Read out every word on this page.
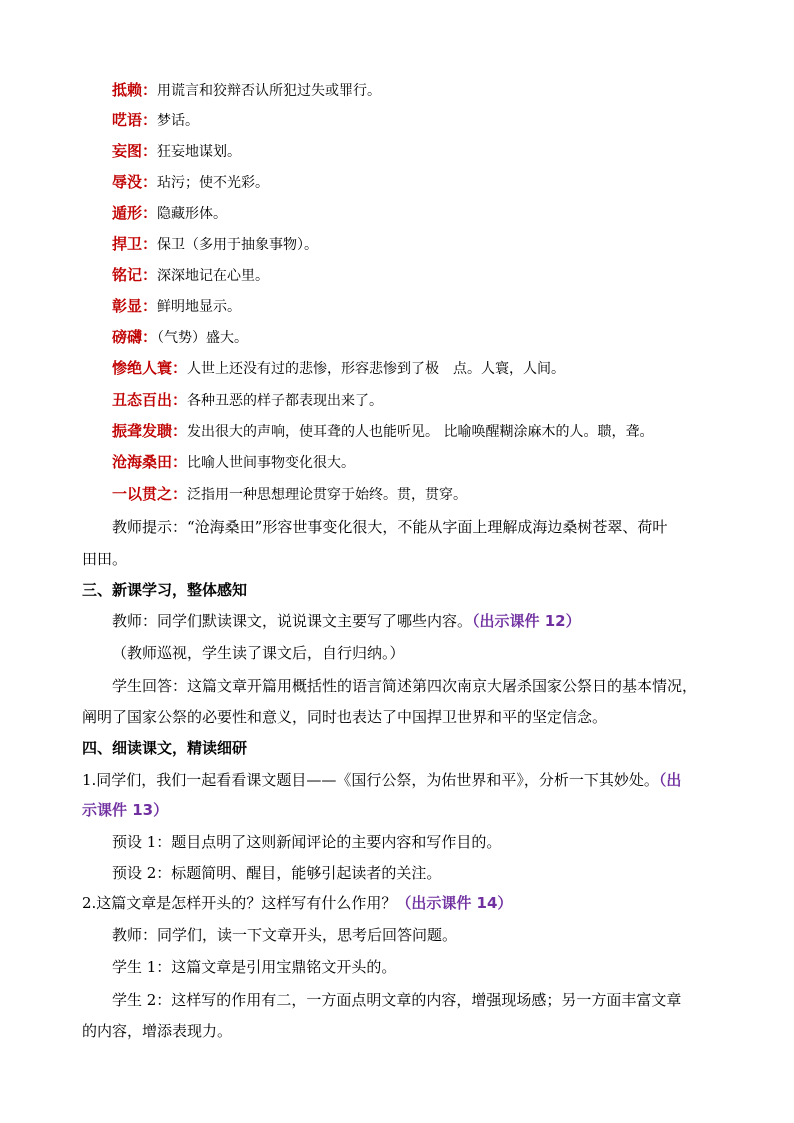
抵赖：用谎言和狡辩否认所犯过失或罪行。
呓语：梦话。
妄图：狂妄地谋划。
辱没：玷污；使不光彩。
遁形：隐藏形体。
捍卫：保卫（多用于抽象事物）。
铭记：深深地记在心里。
彰显：鲜明地显示。
磅礴：（气势）盛大。
惨绝人寰：人世上还没有过的悲惨，形容悲惨到了极　点。人寰，人间。
丑态百出：各种丑恶的样子都表现出来了。
振聋发聩：发出很大的声响，使耳聋的人也能听见。 比喻唤醒糊涂麻木的人。聩，聋。
沧海桑田：比喻人世间事物变化很大。
一以贯之：泛指用一种思想理论贯穿于始终。贯，贯穿。
教师提示：“沧海桑田”形容世事变化很大，不能从字面上理解成海边桑树苍翠、荷叶
田田。
三、新课学习，整体感知
教师：同学们默读课文，说说课文主要写了哪些内容。（出示课件 12）
（教师巡视，学生读了课文后，自行归纳。）
学生回答：这篇文章开篇用概括性的语言简述第四次南京大屠杀国家公祭日的基本情况，
阐明了国家公祭的必要性和意义，同时也表达了中国捍卫世界和平的坚定信念。
四、细读课文，精读细研
1.同学们，我们一起看看课文题目——《国行公祭，为佑世界和平》，分析一下其妙处。（出
示课件 13）
预设 1：题目点明了这则新闻评论的主要内容和写作目的。
预设 2：标题简明、醒目，能够引起读者的关注。
2.这篇文章是怎样开头的？这样写有什么作用？（出示课件 14）
教师：同学们，读一下文章开头，思考后回答问题。
学生 1：这篇文章是引用宝鼎铭文开头的。
学生 2：这样写的作用有二，一方面点明文章的内容，增强现场感；另一方面丰富文章
的内容，增添表现力。
